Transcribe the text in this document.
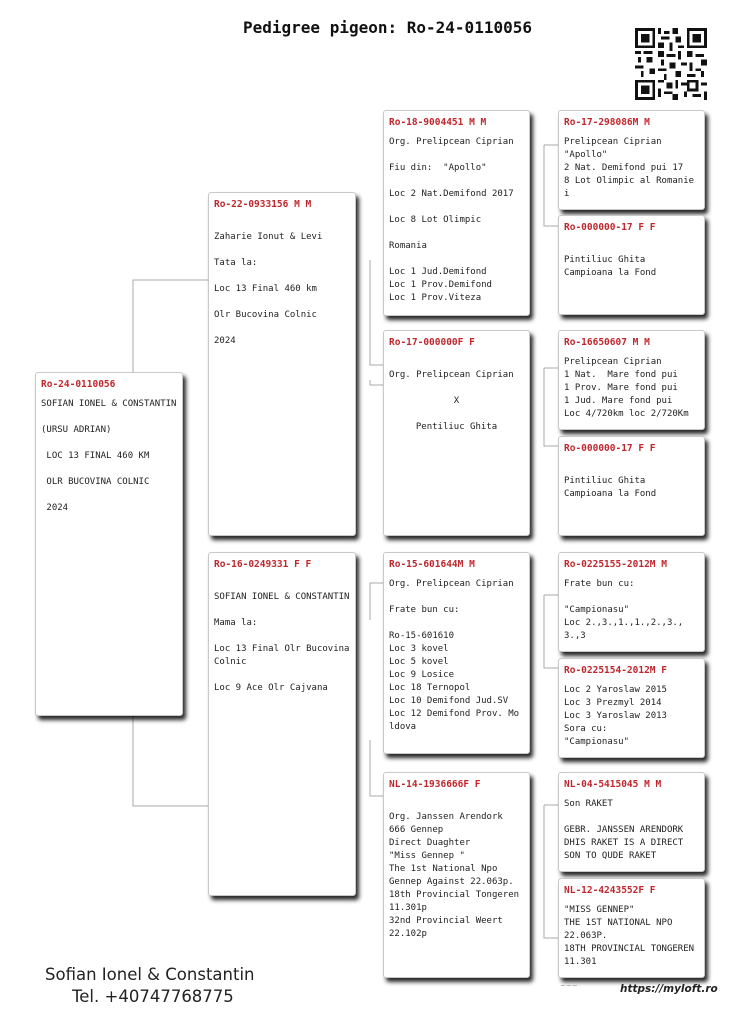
Pedigree pigeon: Ro-24-0110056
Ro-24-0110056
SOFIAN IONEL & CONSTANTIN
(URSU ADRIAN)
LOC 13 FINAL 460 KM
OLR BUCOVINA COLNIC
2024
Ro-22-0933156 M M
Zaharie Ionut & Levi
Tata la:
Loc 13 Final 460 km
Olr Bucovina Colnic
2024
Ro-16-0249331 F F
SOFIAN IONEL & CONSTANTIN
Mama la:
Loc 13 Final Olr Bucovina Colnic
Loc 9 Ace Olr Cajvana
Ro-18-9004451 M M
Org. Prelipcean Ciprian
Fiu din:  "Apollo"
Loc 2 Nat.Demifond 2017
Loc 8 Lot Olimpic
Romania
Loc 1 Jud.Demifond
Loc 1 Prov.Demifond
Loc 1 Prov.Viteza
Ro-17-000000F F
Org. Prelipcean Ciprian
X
Pentiliuc Ghita
Ro-15-601644M M
Org. Prelipcean Ciprian
Frate bun cu:
Ro-15-601610
Loc 3 kovel
Loc 5 kovel
Loc 9 Losice
Loc 18 Ternopol
Loc 10 Demifond Jud.SV
Loc 12 Demifond Prov. Moldova
NL-14-1936666F F
Org. Janssen Arendork
666 Gennep
Direct Duaghter
"Miss Gennep "
The 1st National Npo
Gennep Against 22.063p.
18th Provincial Tongeren 11.301p
32nd Provincial Weert
22.102p
Ro-17-298086M M
Prelipcean Ciprian
"Apollo"
2 Nat. Demifond pui 17
8 Lot Olimpic al Romaniei
Ro-000000-17 F F
Pintiliuc Ghita
Campioana la Fond
Ro-16650607 M M
Prelipcean Ciprian
1 Nat.  Mare fond pui
1 Prov. Mare fond pui
1 Jud. Mare fond pui
Loc 4/720km loc 2/720Km
Ro-000000-17 F F
Pintiliuc Ghita
Campioana la Fond
Ro-0225155-2012M M
Frate bun cu:
"Campionasu"
Loc 2.,3.,1.,1.,2.,3.,3.,3
Ro-0225154-2012M F
Loc 2 Yaroslaw 2015
Loc 3 Prezmyl 2014
Loc 3 Yaroslaw 2013
Sora cu:
"Campionasu"
NL-04-5415045 M M
Son RAKET
GEBR. JANSSEN ARENDORK
DHIS RAKET IS A DIRECT
SON TO QUDE RAKET
NL-12-4243552F F
"MISS GENNEP"
THE 1ST NATIONAL NPO
22.063P.
18TH PROVINCIAL TONGEREN
11.301
~~~
Sofian Ionel & Constantin
Tel. +40747768775	https://myloft.ro
